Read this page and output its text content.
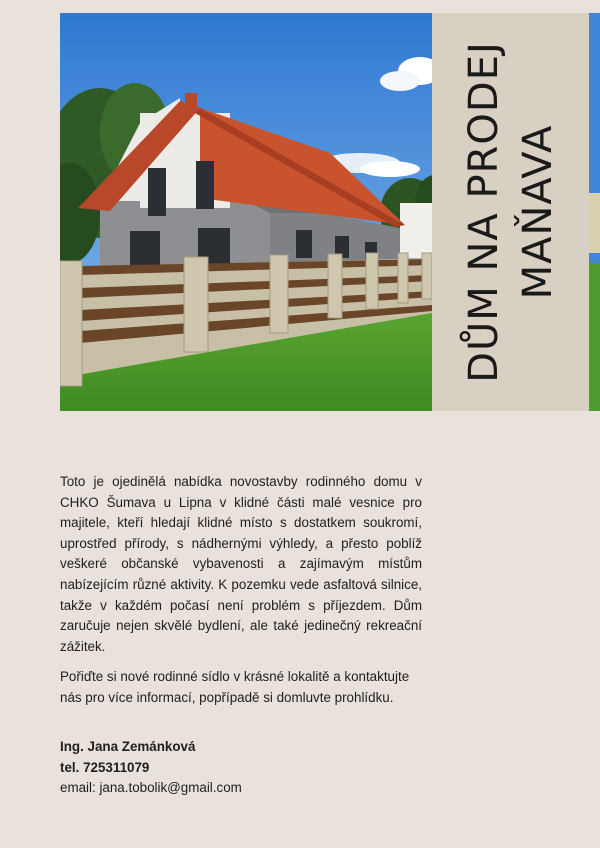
DŮM NA PRODEJ MAŇAVA

Toto je ojedinělá nabídka novostavby rodinného domu v CHKO Šumava u Lipna v klidné části malé vesnice pro majitele, kteří hledají klidné místo s dostatkem soukromí, uprostřed přírody, s nádhernými výhledy, a přesto poblíž veškeré občanské vybavenosti a zajímavým místům nabízejícím různé aktivity. K pozemku vede asfaltová silnice, takže v každém počasí není problém s příjezdem. Dům zaručuje nejen skvělé bydlení, ale také jedinečný rekreační zážitek.

Pořiďte si nové rodinné sídlo v krásné lokalitě a kontaktujte nás pro více informací, popřípadě si domluvte prohlídku.

Ing. Jana Zemánková
tel. 725311079
email: jana.tobolik@gmail.com
